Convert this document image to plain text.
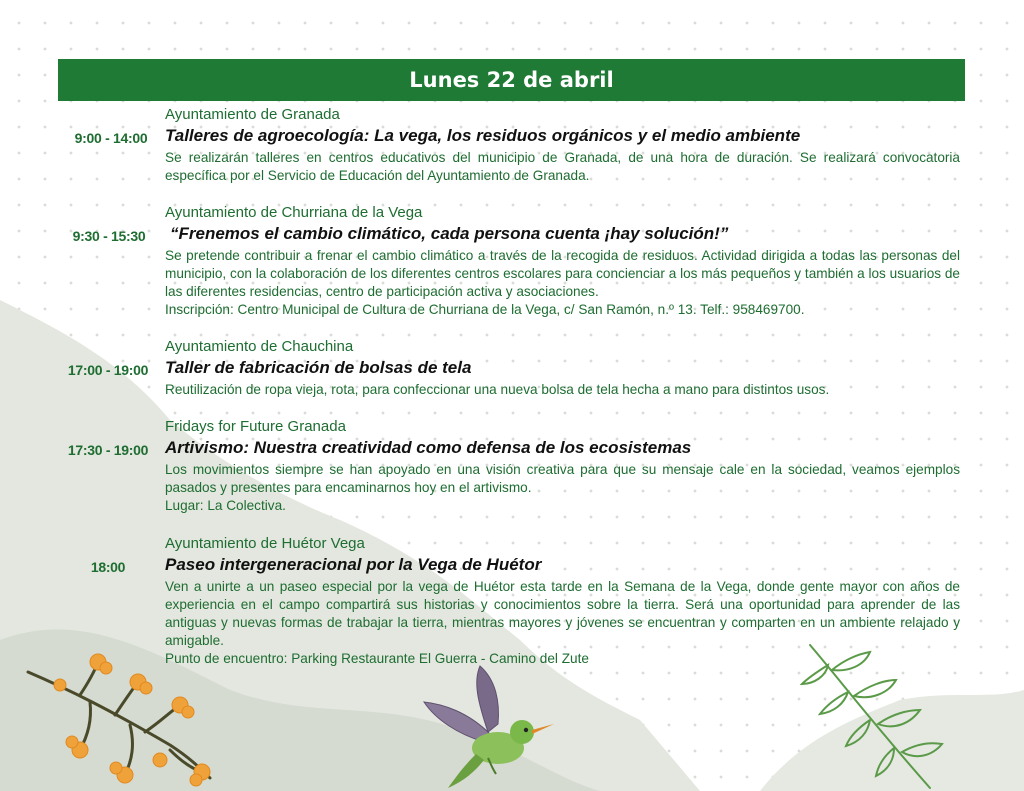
Lunes 22 de abril
Ayuntamiento de Granada
9:00 - 14:00	Talleres de agroecología: La vega, los residuos orgánicos y el medio ambiente

Se realizarán talleres en centros educativos del municipio de Granada, de una hora de duración. Se realizará convocatoria específica por el Servicio de Educación del Ayuntamiento de Granada.

Ayuntamiento de Churriana de la Vega
9:30 - 15:30	“Frenemos el cambio climático, cada persona cuenta ¡hay solución!”

Se pretende contribuir a frenar el cambio climático a través de la recogida de residuos. Actividad dirigida a todas las personas del municipio, con la colaboración de los diferentes centros escolares para concienciar a los más pequeños y también a los usuarios de las diferentes residencias, centro de participación activa y asociaciones.

Inscripción: Centro Municipal de Cultura de Churriana de la Vega, c/ San Ramón, n.º 13. Telf.: 958469700.

Ayuntamiento de Chauchina
17:00 - 19:00 Taller de fabricación de bolsas de tela

Reutilización de ropa vieja, rota, para confeccionar una nueva bolsa de tela hecha a mano para distintos usos.

Fridays for Future Granada
17:30 - 19:00 Artivismo: Nuestra creatividad como defensa de los ecosistemas

Los movimientos siempre se han apoyado en una visión creativa para que su mensaje cale en la sociedad, veamos ejemplos pasados y presentes para encaminarnos hoy en el artivismo.

Lugar: La Colectiva.

Ayuntamiento de Huétor Vega
18:00	Paseo intergeneracional por la Vega de Huétor

Ven a unirte a un paseo especial por la vega de Huétor esta tarde en la Semana de la Vega, donde gente mayor con años de experiencia en el campo compartirá sus historias y conocimientos sobre la tierra. Será una oportunidad para aprender de las antiguas y nuevas formas de trabajar la tierra, mientras mayores y jóvenes se encuentran y comparten en un ambiente relajado y amigable.

Punto de encuentro: Parking Restaurante El Guerra - Camino del Zute
